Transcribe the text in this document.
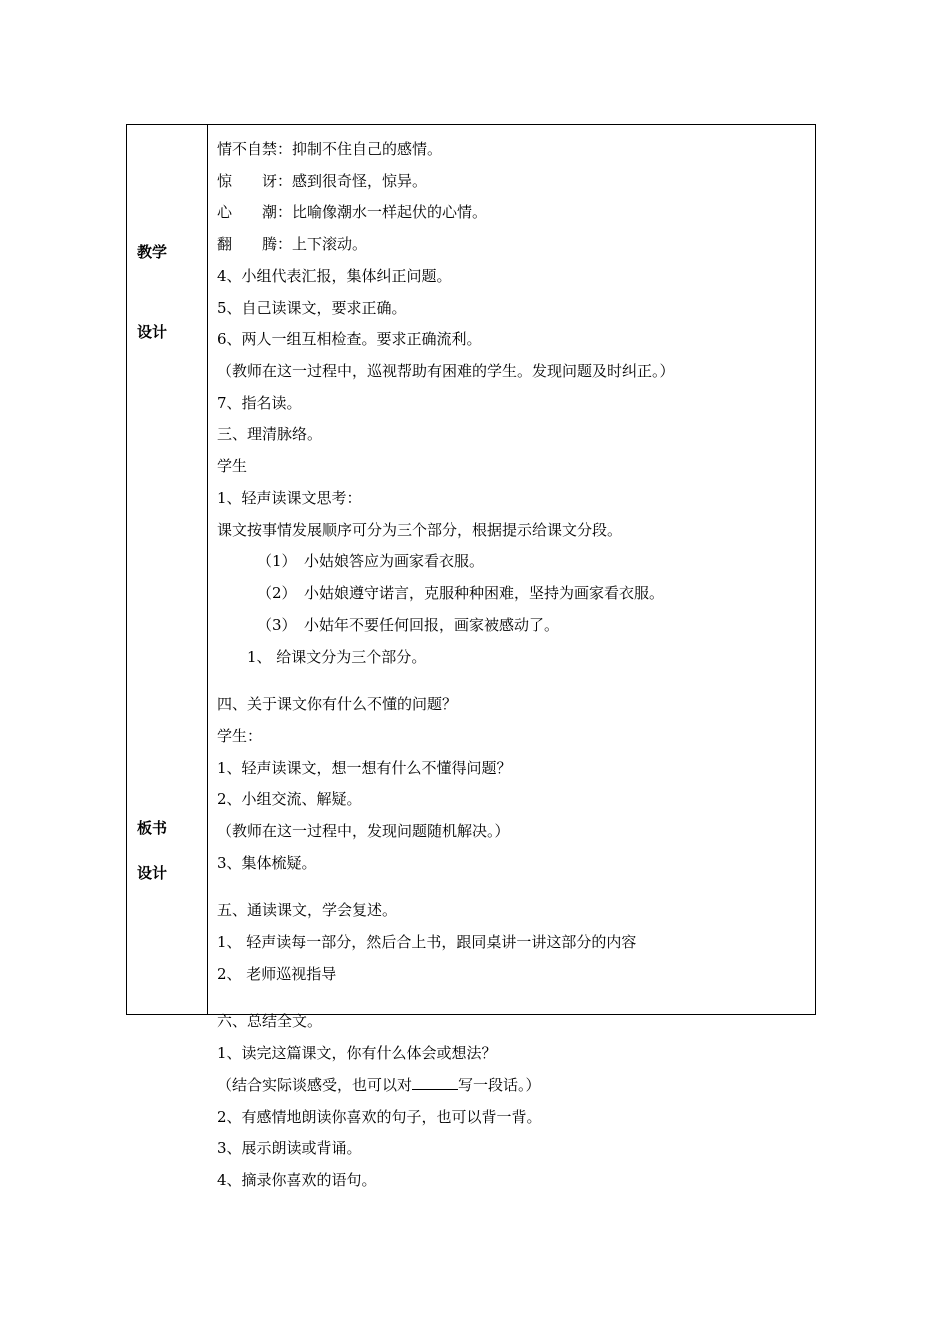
教学
设计
板书
设计
情不自禁：抑制不住自己的感情。
惊　　讶：感到很奇怪，惊异。
心　　潮：比喻像潮水一样起伏的心情。
翻　　腾：上下滚动。
4、小组代表汇报，集体纠正问题。
5、自己读课文，要求正确。
6、两人一组互相检查。要求正确流利。
（教师在这一过程中，巡视帮助有困难的学生。发现问题及时纠正。）
7、指名读。
三、理清脉络。
学生
1、轻声读课文思考：
课文按事情发展顺序可分为三个部分，根据提示给课文分段。
（1）　小姑娘答应为画家看衣服。
（2）　小姑娘遵守诺言，克服种种困难，坚持为画家看衣服。
（3）　小姑年不要任何回报，画家被感动了。
1、 给课文分为三个部分。
四、关于课文你有什么不懂的问题？
学生：
1、轻声读课文，想一想有什么不懂得问题？
2、小组交流、解疑。
（教师在这一过程中，发现问题随机解决。）
3、集体梳疑。
五、通读课文，学会复述。
1、 轻声读每一部分，然后合上书，跟同桌讲一讲这部分的内容
2、 老师巡视指导
六、总结全文。
1、读完这篇课文，你有什么体会或想法？
（结合实际谈感受，也可以对	写一段话。）
2、有感情地朗读你喜欢的句子，也可以背一背。
3、展示朗读或背诵。
4、摘录你喜欢的语句。
